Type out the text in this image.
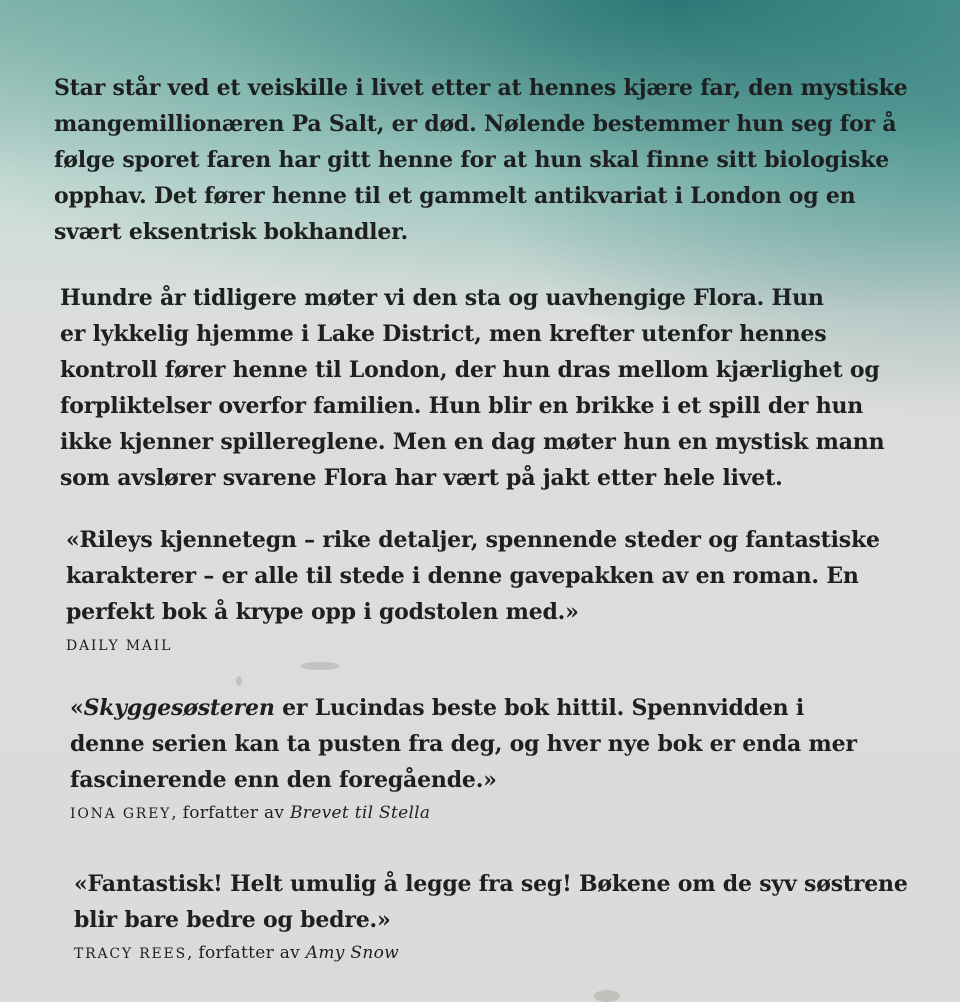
Star står ved et veiskille i livet etter at hennes kjære far, den mystiske
mangemillionæren Pa Salt, er død. Nølende bestemmer hun seg for å
følge sporet faren har gitt henne for at hun skal finne sitt biologiske
opphav. Det fører henne til et gammelt antikvariat i London og en
svært eksentrisk bokhandler.

Hundre år tidligere møter vi den sta og uavhengige Flora. Hun
er lykkelig hjemme i Lake District, men krefter utenfor hennes
kontroll fører henne til London, der hun dras mellom kjærlighet og
forpliktelser overfor familien. Hun blir en brikke i et spill der hun
ikke kjenner spillereglene. Men en dag møter hun en mystisk mann
som avslører svarene Flora har vært på jakt etter hele livet.

«Rileys kjennetegn – rike detaljer, spennende steder og fantastiske
karakterer – er alle til stede i denne gavepakken av en roman. En
perfekt bok å krype opp i godstolen med.»
DAILY MAIL

«Skyggesøsteren er Lucindas beste bok hittil. Spennvidden i
denne serien kan ta pusten fra deg, og hver nye bok er enda mer
fascinerende enn den foregående.»
IONA GREY, forfatter av Brevet til Stella

«Fantastisk! Helt umulig å legge fra seg! Bøkene om de syv søstrene
blir bare bedre og bedre.»
TRACY REES, forfatter av Amy Snow
